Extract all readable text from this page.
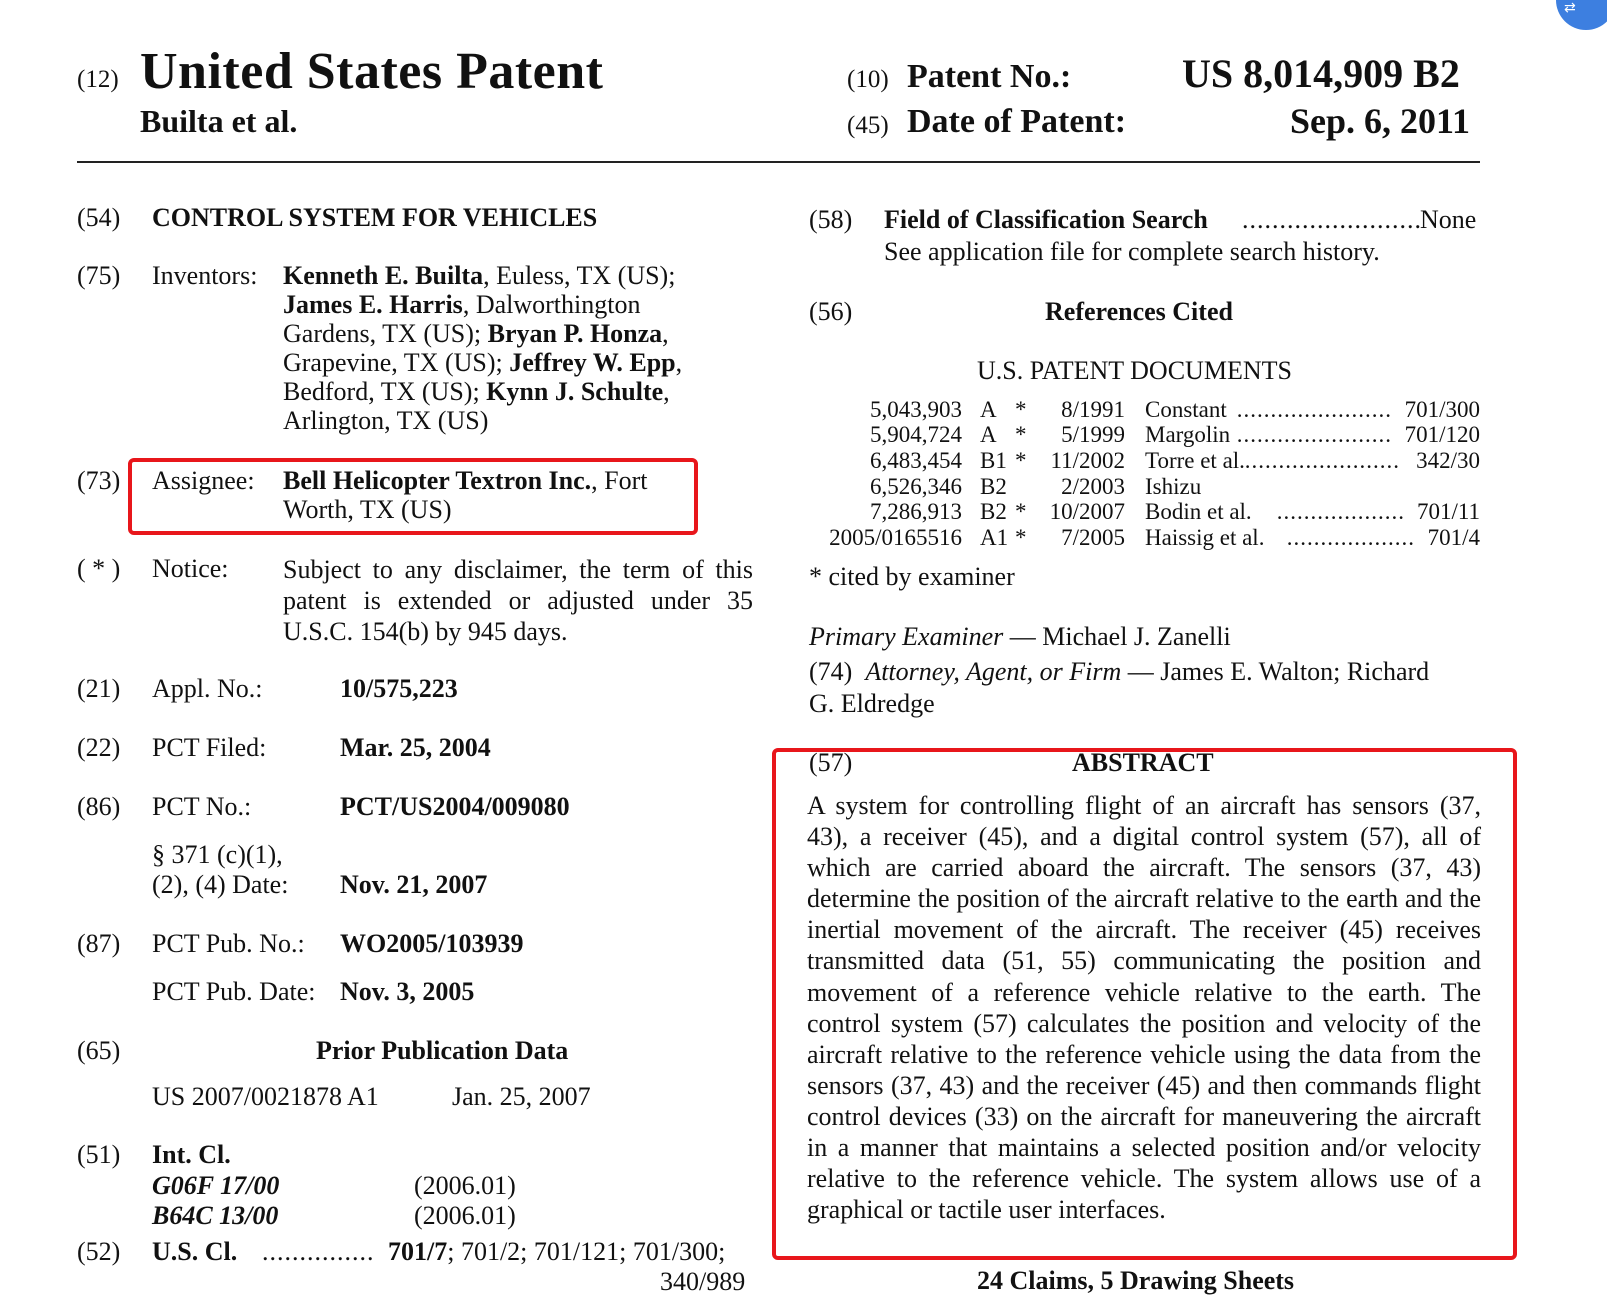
⇄
(12) United States Patent
Builta et al.
(10) Patent No.:	US 8,014,909 B2
(45) Date of Patent:	Sep. 6, 2011
(54) CONTROL SYSTEM FOR VEHICLES
(75) Inventors: Kenneth E. Builta, Euless, TX (US);
James E. Harris, Dalworthington
Gardens, TX (US); Bryan P. Honza,
Grapevine, TX (US); Jeffrey W. Epp,
Bedford, TX (US); Kynn J. Schulte,
Arlington, TX (US)
(73) Assignee: Bell Helicopter Textron Inc., Fort
Worth, TX (US)
( * ) Notice: Subject to any disclaimer, the term of this
patent is extended or adjusted under 35
U.S.C. 154(b) by 945 days.
(21) Appl. No.:	10/575,223
(22) PCT Filed:	Mar. 25, 2004
(86) PCT No.:	PCT/US2004/009080
§ 371 (c)(1),
(2), (4) Date: Nov. 21, 2007
(87) PCT Pub. No.: WO2005/103939
PCT Pub. Date: Nov. 3, 2005
(65)	Prior Publication Data
US 2007/0021878 A1	Jan. 25, 2007
(51) Int. Cl.
G06F 17/00	(2006.01)
B64C 13/00	(2006.01)
(52) U.S. Cl. ............... 701/7; 701/2; 701/121; 701/300;
340/989
(58) Field of Classification Search ........................
None
See application file for complete search history.
(56)	References Cited
U.S. PATENT DOCUMENTS
5,043,903 A * 8/1991 Constant ....................... 701/300
5,904,724 A * 5/1999 Margolin ....................... 701/120
6,483,454 B1 * 11/2002 Torre et al. ....................... 342/30
6,526,346 B2 2/2003 Ishizu
7,286,913 B2 * 10/2007 Bodin et al. ................... 701/11
2005/0165516 A1 * 7/2005 Haissig et al. ................... 701/4
* cited by examiner
Primary Examiner — Michael J. Zanelli
(74) Attorney, Agent, or Firm — James E. Walton; Richard
G. Eldredge
(57)	ABSTRACT

A system for controlling flight of an aircraft has sensors (37, 43), a receiver (45), and a digital control system (57), all of which are carried aboard the aircraft. The sensors (37, 43) determine the position of the aircraft relative to the earth and the inertial movement of the aircraft. The receiver (45) receives transmitted data (51, 55) communicating the position and movement of a reference vehicle relative to the earth. The control system (57) calculates the position and velocity of the aircraft relative to the reference vehicle using the data from the sensors (37, 43) and the receiver (45) and then commands flight control devices (33) on the aircraft for maneuvering the aircraft in a manner that maintains a selected position and/or velocity relative to the reference vehicle. The system allows use of a graphical or tactile user interfaces.

24 Claims, 5 Drawing Sheets
